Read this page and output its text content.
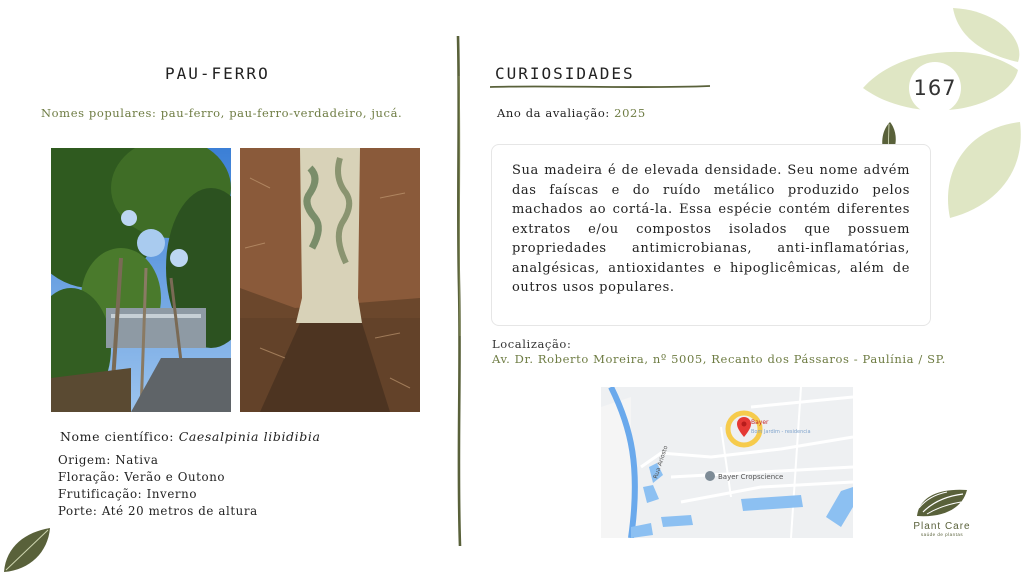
167
PAU-FERRO
Nomes populares: pau-ferro, pau-ferro-verdadeiro, jucá.
Nome científico: Caesalpinia libidibia
Origem: Nativa
Floração: Verão e Outono
Frutificação: Inverno
Porte: Até 20 metros de altura
CURIOSIDADES
Ano da avaliação: 2025

Sua madeira é de elevada densidade. Seu nome advém das faíscas e do ruído metálico produzido pelos machados ao cortá-la. Essa espécie contém diferentes extratos e/ou compostos isolados que possuem propriedades antimicrobianas, anti-inflamatórias, analgésicas, antioxidantes e hipoglicêmicas, além de outros usos populares.

Localização:
Av. Dr. Roberto Moreira, nº 5005, Recanto dos Pássaros - Paulínia / SP.
Rua Ariosto
Bayer
Bom Jardim - residencia
Bayer Cropscience
Plant Care
saúde de plantas
